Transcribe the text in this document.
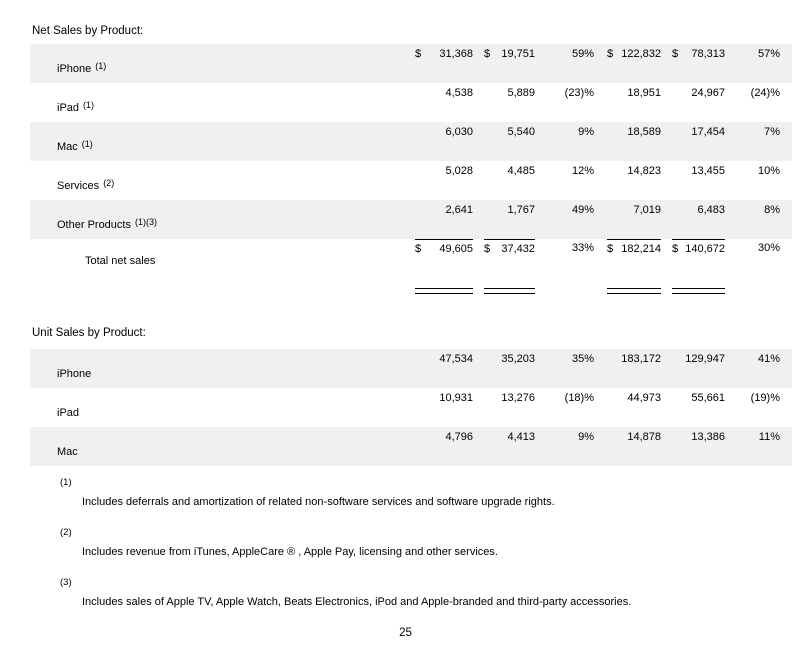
Net Sales by Product:
iPhone $^{(1)}$
$ 31,368 $ 19,751	59% $ 122,832 $ 78,313	57%
iPad $^{(1)}$
4,538	5,889	(23)%	18,951	24,967	(24)%
Mac $^{(1)}$
6,030	5,540	9%	18,589	17,454	7%
Services $^{(2)}$
5,028	4,485	12%	14,823	13,455	10%
Other Products $^{(1)(3)}$
2,641	1,767	49%	7,019	6,483	8%
Total net sales
$ 49,605 $ 37,432	33% $ 182,214 $ 140,672	30%
Unit Sales by Product:
iPhone
47,534	35,203	35%	183,172	129,947	41%
iPad
10,931	13,276	(18)%	44,973	55,661	(19)%
Mac
4,796	4,413	9%	14,878	13,386	11%
(1)
Includes deferrals and amortization of related non-software services and software upgrade rights.
(2)
Includes revenue from iTunes, AppleCare ® , Apple Pay, licensing and other services.
(3)
Includes sales of Apple TV, Apple Watch, Beats Electronics, iPod and Apple-branded and third-party accessories.
25
